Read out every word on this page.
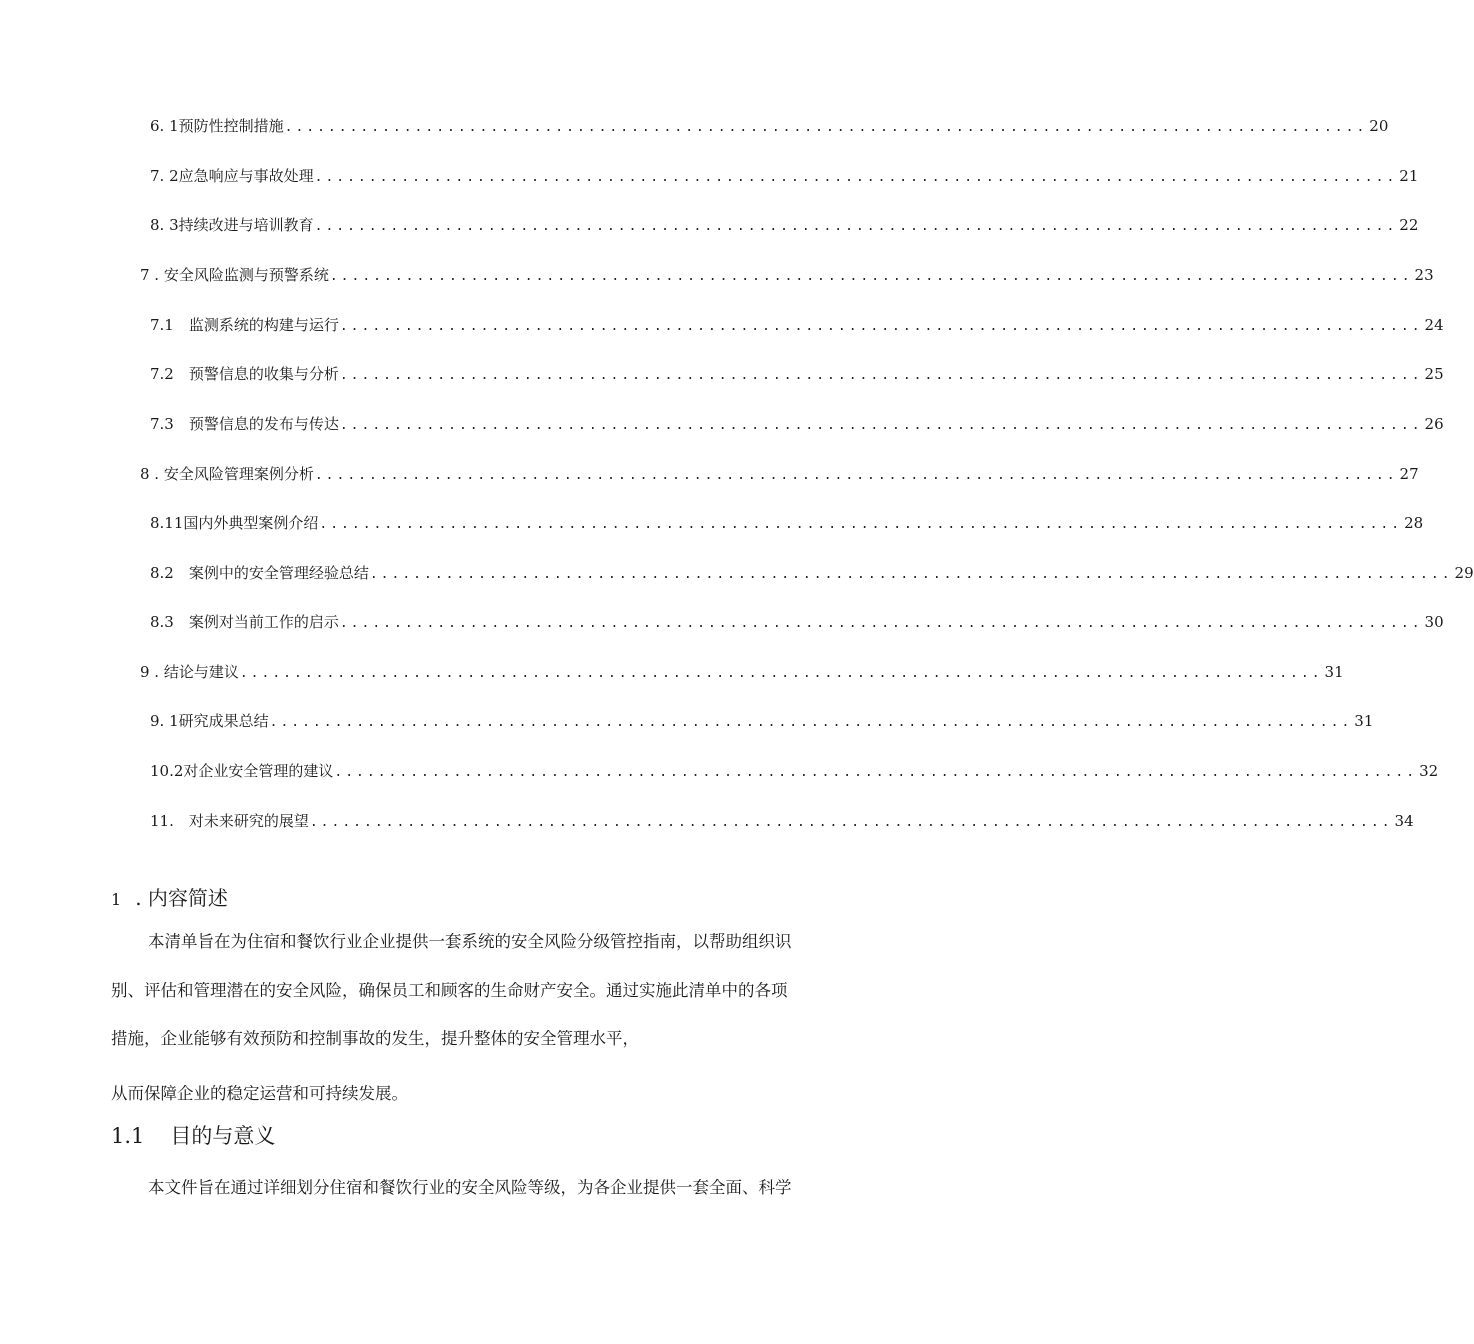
6. 1预防性控制措施 .................................................................................................... 20
7. 2应急响应与事故处理 .................................................................................................... 21
8. 3持续改进与培训教育 .................................................................................................... 22
7 . 安全风险监测与预警系统 .................................................................................................... 23
7.1　监测系统的构建与运行 .................................................................................................... 24
7.2　预警信息的收集与分析 .................................................................................................... 25
7.3　预警信息的发布与传达 .................................................................................................... 26
8 . 安全风险管理案例分析 .................................................................................................... 27
8.11国内外典型案例介绍 .................................................................................................... 28
8.2　案例中的安全管理经验总结 .................................................................................................... 29
8.3　案例对当前工作的启示 .................................................................................................... 30
9 . 结论与建议 .................................................................................................... 31
9. 1研究成果总结 .................................................................................................... 31
10.2对企业安全管理的建议 .................................................................................................... 32
11.　对未来研究的展望 .................................................................................................... 34
1 . 内容简述
本清单旨在为住宿和餐饮行业企业提供一套系统的安全风险分级管控指南，以帮助组织识
别、评估和管理潜在的安全风险，确保员工和顾客的生命财产安全。通过实施此清单中的各项
措施，企业能够有效预防和控制事故的发生，提升整体的安全管理水平，
从而保障企业的稳定运营和可持续发展。
1.1 目的与意义
本文件旨在通过详细划分住宿和餐饮行业的安全风险等级，为各企业提供一套全面、科学
